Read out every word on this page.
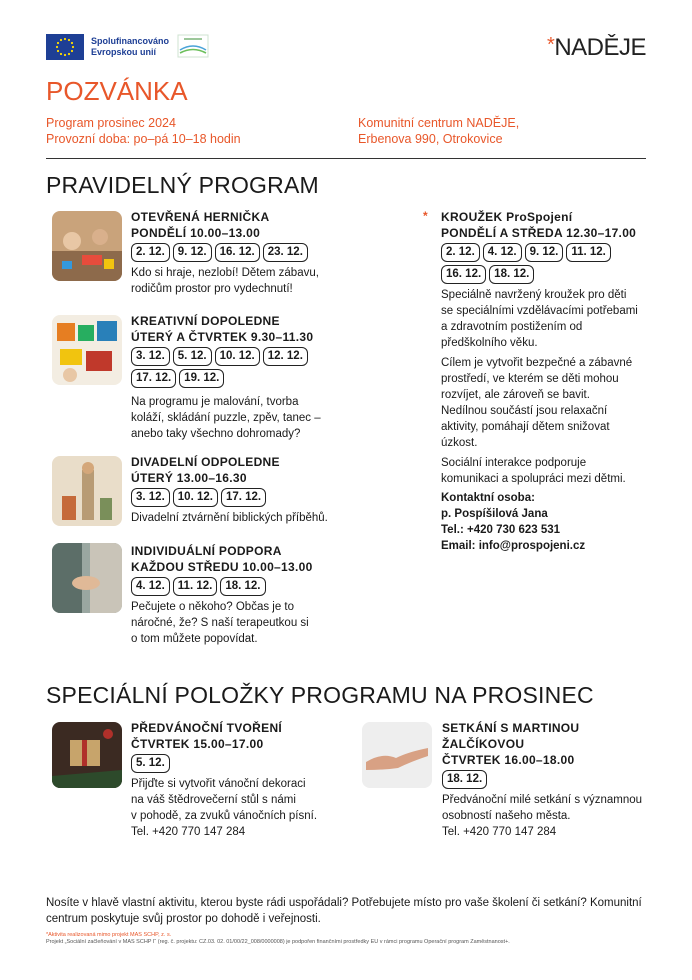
Spolufinancováno
Evropskou unií	*NADĚJE
POZVÁNKA
Program prosinec 2024
Provozní doba: po–pá 10–18 hodin
Komunitní centrum NADĚJE,
Erbenova 990, Otrokovice
PRAVIDELNÝ PROGRAM
OTEVŘENÁ HERNIČKA
PONDĚLÍ 10.00–13.00
2. 12.	9. 12.	16. 12.	23. 12.
Kdo si hraje, nezlobí! Dětem zábavu,
rodičům prostor pro vydechnutí!
KREATIVNÍ DOPOLEDNE
ÚTERÝ A ČTVRTEK 9.30–11.30
3. 12.	5. 12.	10. 12.	12. 12.
17. 12.	19. 12.
Na programu je malování, tvorba
koláží, skládání puzzle, zpěv, tanec –
anebo taky všechno dohromady?
DIVADELNÍ ODPOLEDNE
ÚTERÝ 13.00–16.30
3. 12.	10. 12.	17. 12.
Divadelní ztvárnění biblických příběhů.
INDIVIDUÁLNÍ PODPORA
KAŽDOU STŘEDU 10.00–13.00
4. 12.	11. 12.	18. 12.
Pečujete o někoho? Občas je to
náročné, že? S naší terapeutkou si
o tom můžete popovídat.
* KROUŽEK ProSpojení
PONDĚLÍ A STŘEDA 12.30–17.00
2. 12.	4. 12.	9. 12.	11. 12.
16. 12.	18. 12.
Speciálně navržený kroužek pro děti
se speciálními vzdělávacími potřebami
a zdravotním postižením od
předškolního věku.
Cílem je vytvořit bezpečné a zábavné
prostředí, ve kterém se děti mohou
rozvíjet, ale zároveň se bavit.
Nedílnou součástí jsou relaxační
aktivity, pomáhají dětem snižovat
úzkost.
Sociální interakce podporuje
komunikaci a spolupráci mezi dětmi.
Kontaktní osoba:
p. Pospíšilová Jana
Tel.: +420 730 623 531
Email: info@prospojeni.cz
SPECIÁLNÍ POLOŽKY PROGRAMU NA PROSINEC
PŘEDVÁNOČNÍ TVOŘENÍ
ČTVRTEK 15.00–17.00
5. 12.
Přijďte si vytvořit vánoční dekoraci
na váš štědrovečerní stůl s námi
v pohodě, za zvuků vánočních písní.
Tel. +420 770 147 284
SETKÁNÍ S MARTINOU
ŽALČÍKOVOU
ČTVRTEK 16.00–18.00
18. 12.
Předvánoční milé setkání s významnou
osobností našeho města.
Tel. +420 770 147 284
Nosíte v hlavě vlastní aktivitu, kterou byste rádi uspořádali? Potřebujete místo pro vaše školení či setkání? Komunitní
centrum poskytuje svůj prostor po dohodě i veřejnosti.
*Aktivita realizovaná mimo projekt MAS SCHP, z. s.
Projekt „Sociální začleňování v MAS SCHP I“ (reg. č. projektu: CZ.03. 02. 01/00/22_008/0000008) je podpořen finančními prostředky EU v rámci programu Operační program Zaměstnanost+.
